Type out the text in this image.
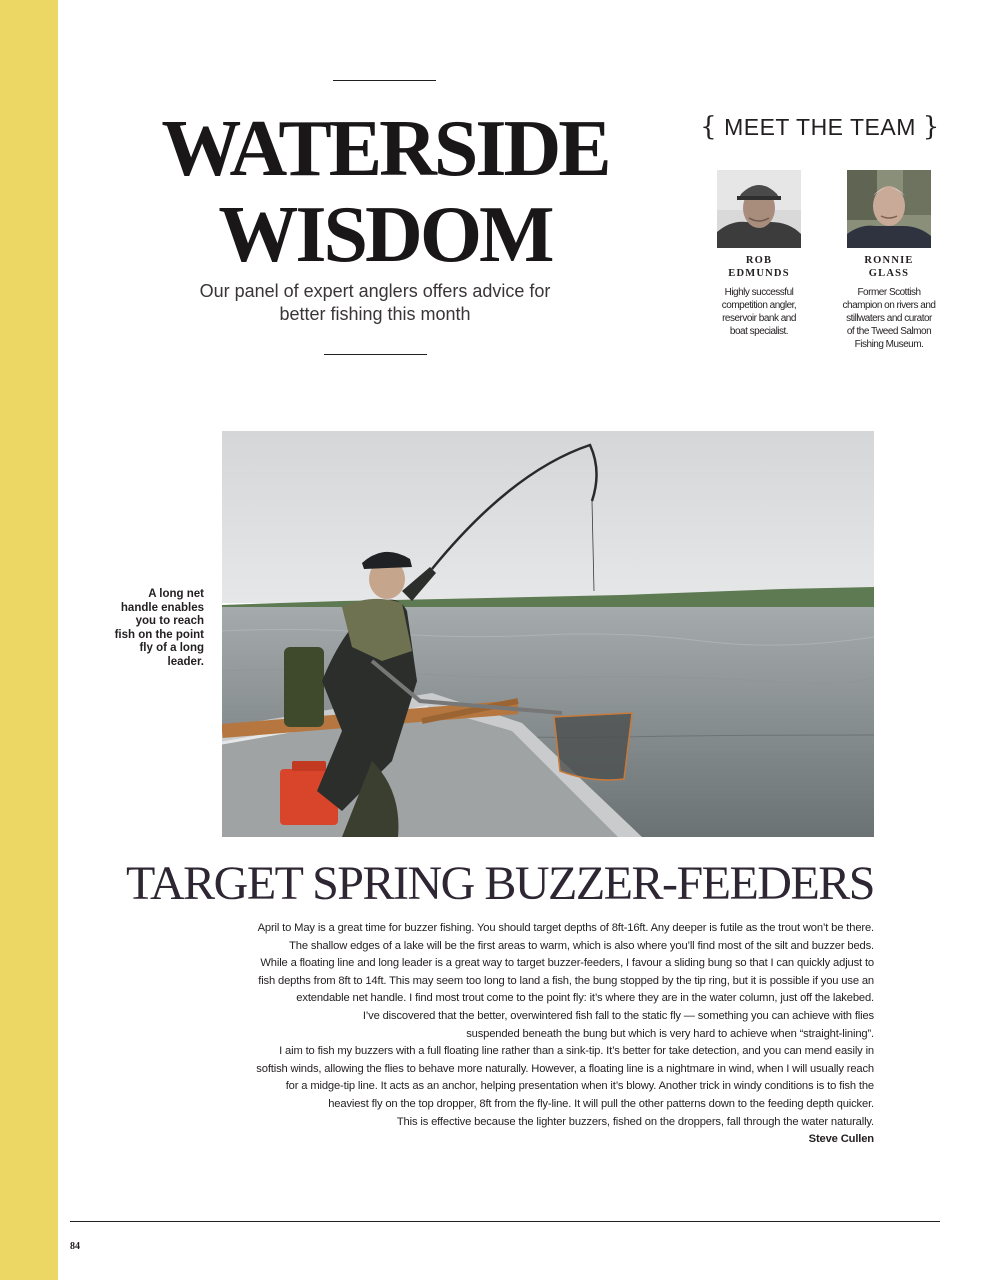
WATERSIDE
WISDOM
Our panel of expert anglers offers advice for
better fishing this month
{ MEET THE TEAM }
ROB
EDMUNDS
Highly successful
competition angler,
reservoir bank and
boat specialist.
RONNIE
GLASS
Former Scottish
champion on rivers and
stillwaters and curator
of the Tweed Salmon
Fishing Museum.
A long net
handle enables
you to reach
fish on the point
fly of a long
leader.
TARGET SPRING BUZZER-FEEDERS
April to May is a great time for buzzer fishing. You should target depths of 8ft-16ft. Any deeper is futile as the trout won’t be there.
The shallow edges of a lake will be the first areas to warm, which is also where you’ll find most of the silt and buzzer beds.
While a floating line and long leader is a great way to target buzzer-feeders, I favour a sliding bung so that I can quickly adjust to
fish depths from 8ft to 14ft. This may seem too long to land a fish, the bung stopped by the tip ring, but it is possible if you use an
extendable net handle. I find most trout come to the point fly: it’s where they are in the water column, just off the lakebed.
I’ve discovered that the better, overwintered fish fall to the static fly — something you can achieve with flies
suspended beneath the bung but which is very hard to achieve when “straight-lining”.
I aim to fish my buzzers with a full floating line rather than a sink-tip. It’s better for take detection, and you can mend easily in
softish winds, allowing the flies to behave more naturally. However, a floating line is a nightmare in wind, when I will usually reach
for a midge-tip line. It acts as an anchor, helping presentation when it’s blowy. Another trick in windy conditions is to fish the
heaviest fly on the top dropper, 8ft from the fly-line. It will pull the other patterns down to the feeding depth quicker.
This is effective because the lighter buzzers, fished on the droppers, fall through the water naturally.
Steve Cullen
84
